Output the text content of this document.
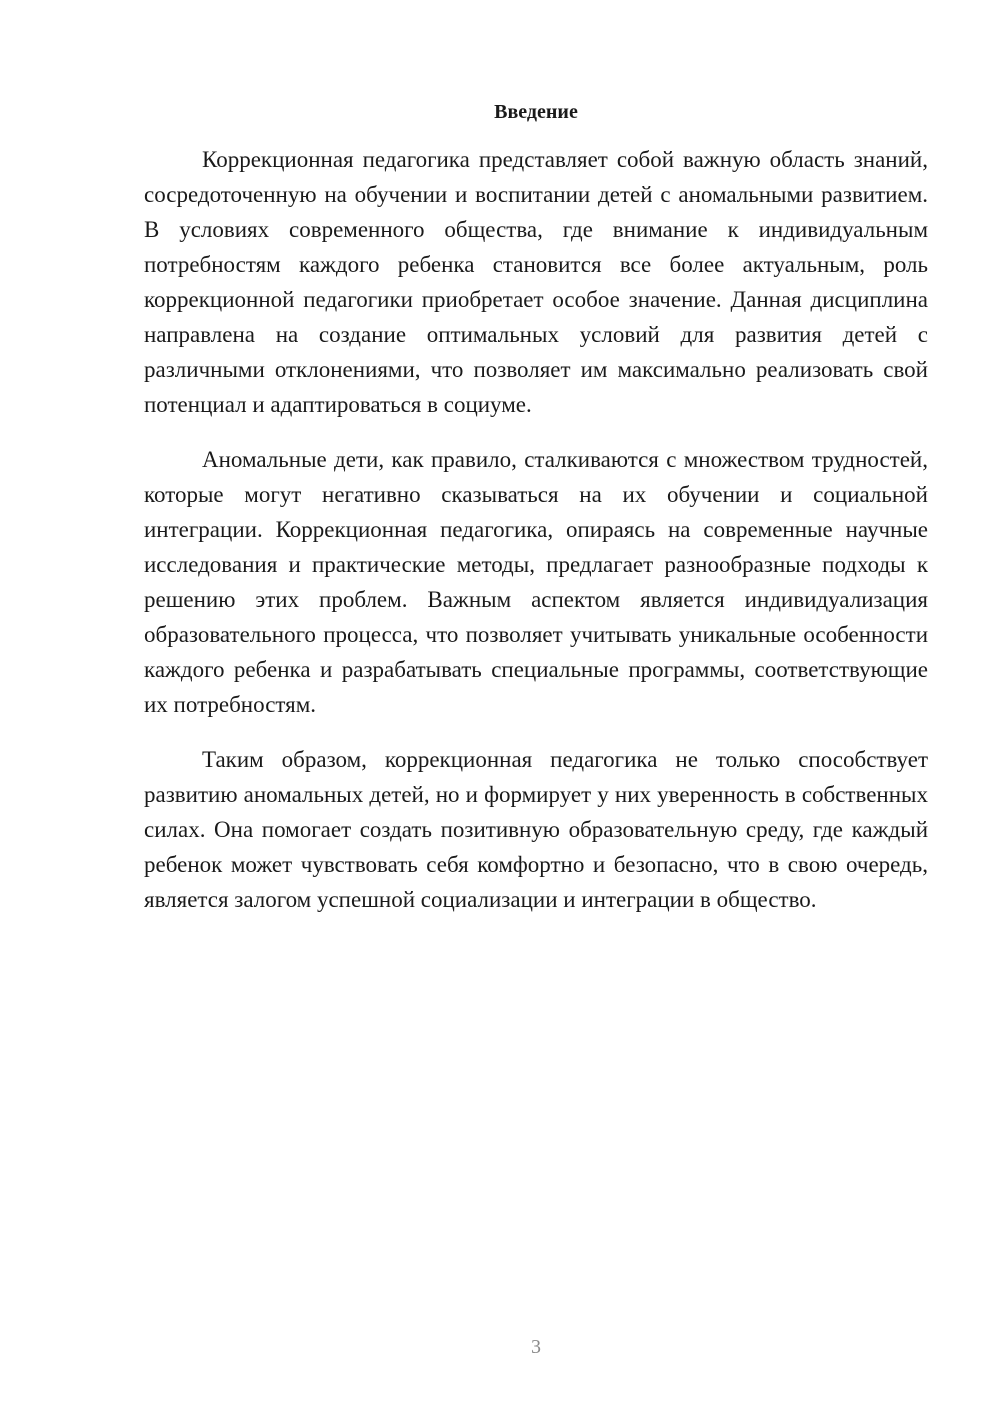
Введение

Коррекционная педагогика представляет собой важную область знаний, сосредоточенную на обучении и воспитании детей с аномальными развитием. В условиях современного общества, где внимание к индивидуальным потребностям каждого ребенка становится все более актуальным, роль коррекционной педагогики приобретает особое значение. Данная дисциплина направлена на создание оптимальных условий для развития детей с различными отклонениями, что позволяет им максимально реализовать свой потенциал и адаптироваться в социуме.

Аномальные дети, как правило, сталкиваются с множеством трудностей, которые могут негативно сказываться на их обучении и социальной интеграции. Коррекционная педагогика, опираясь на современные научные исследования и практические методы, предлагает разнообразные подходы к решению этих проблем. Важным аспектом является индивидуализация образовательного процесса, что позволяет учитывать уникальные особенности каждого ребенка и разрабатывать специальные программы, соответствующие их потребностям.

Таким образом, коррекционная педагогика не только способствует развитию аномальных детей, но и формирует у них уверенность в собственных силах. Она помогает создать позитивную образовательную среду, где каждый ребенок может чувствовать себя комфортно и безопасно, что в свою очередь, является залогом успешной социализации и интеграции в общество.

3
